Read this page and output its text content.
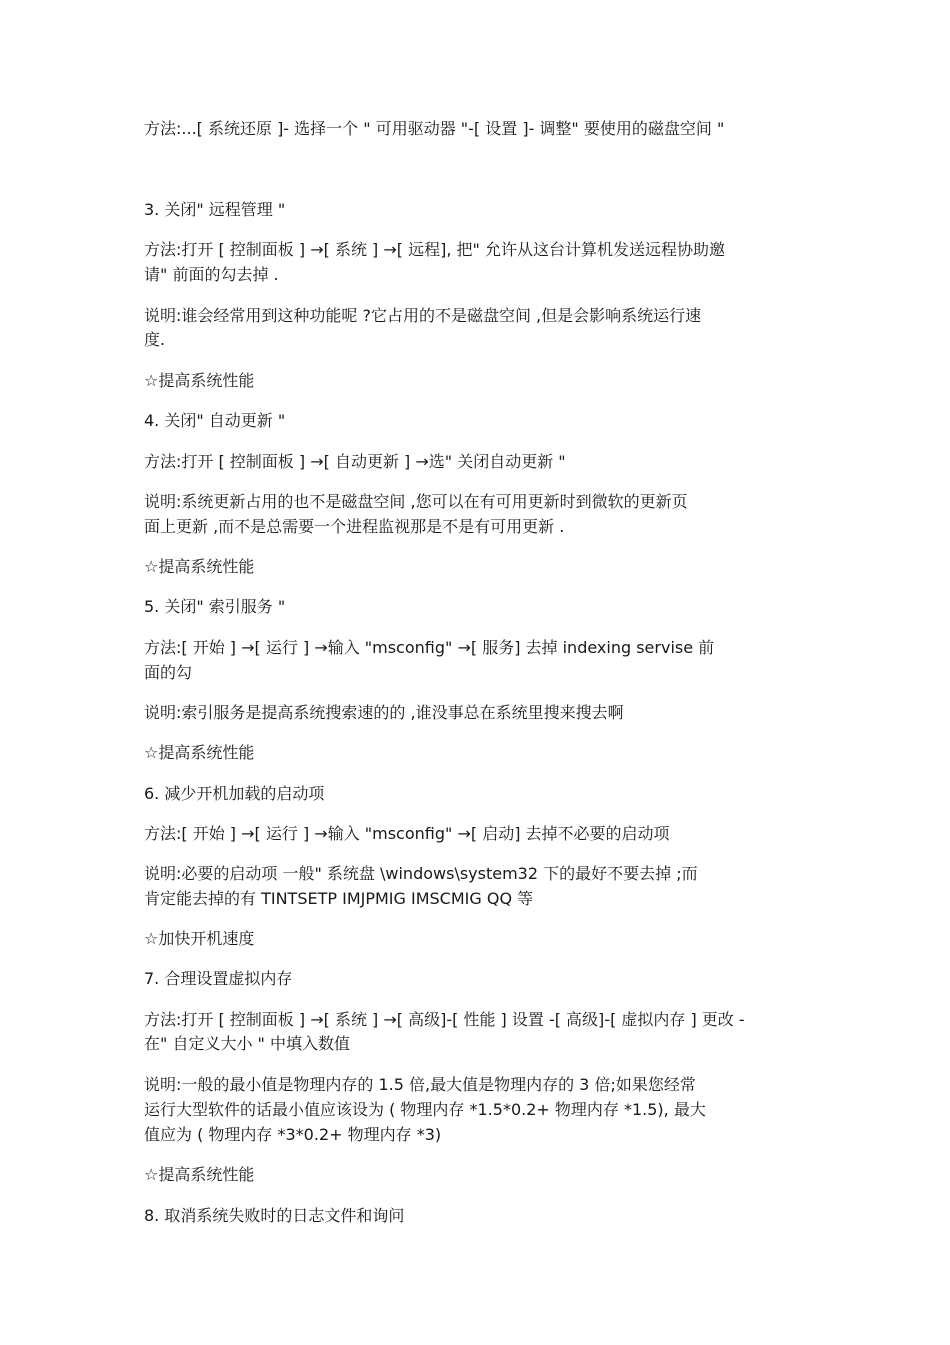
方法:...[ 系统还原 ]- 选择一个 " 可用驱动器 "-[ 设置 ]- 调整" 要使用的磁盘空间 "
3. 关闭" 远程管理 "
方法:打开 [ 控制面板 ] →[ 系统 ] →[ 远程], 把" 允许从这台计算机发送远程协助邀
请" 前面的勾去掉 .
说明:谁会经常用到这种功能呢 ?它占用的不是磁盘空间 ,但是会影响系统运行速
度.
☆提高系统性能
4. 关闭" 自动更新 "
方法:打开 [ 控制面板 ] →[ 自动更新 ] →选" 关闭自动更新 "
说明:系统更新占用的也不是磁盘空间 ,您可以在有可用更新时到微软的更新页
面上更新 ,而不是总需要一个进程监视那是不是有可用更新 .
☆提高系统性能
5. 关闭" 索引服务 "
方法:[ 开始 ] →[ 运行 ] →输入 "msconfig" →[ 服务] 去掉 indexing servise 前
面的勾
说明:索引服务是提高系统搜索速的的 ,谁没事总在系统里搜来搜去啊
☆提高系统性能
6. 减少开机加载的启动项
方法:[ 开始 ] →[ 运行 ] →输入 "msconfig" →[ 启动] 去掉不必要的启动项
说明:必要的启动项 一般" 系统盘 \windows\system32 下的最好不要去掉 ;而
肯定能去掉的有 TINTSETP IMJPMIG IMSCMIG QQ 等
☆加快开机速度
7. 合理设置虚拟内存
方法:打开 [ 控制面板 ] →[ 系统 ] →[ 高级]-[ 性能 ] 设置 -[ 高级]-[ 虚拟内存 ] 更改 -
在" 自定义大小 " 中填入数值
说明:一般的最小值是物理内存的 1.5 倍,最大值是物理内存的 3 倍;如果您经常
运行大型软件的话最小值应该设为 ( 物理内存 *1.5*0.2+ 物理内存 *1.5), 最大
值应为 ( 物理内存 *3*0.2+ 物理内存 *3)
☆提高系统性能
8. 取消系统失败时的日志文件和询问
